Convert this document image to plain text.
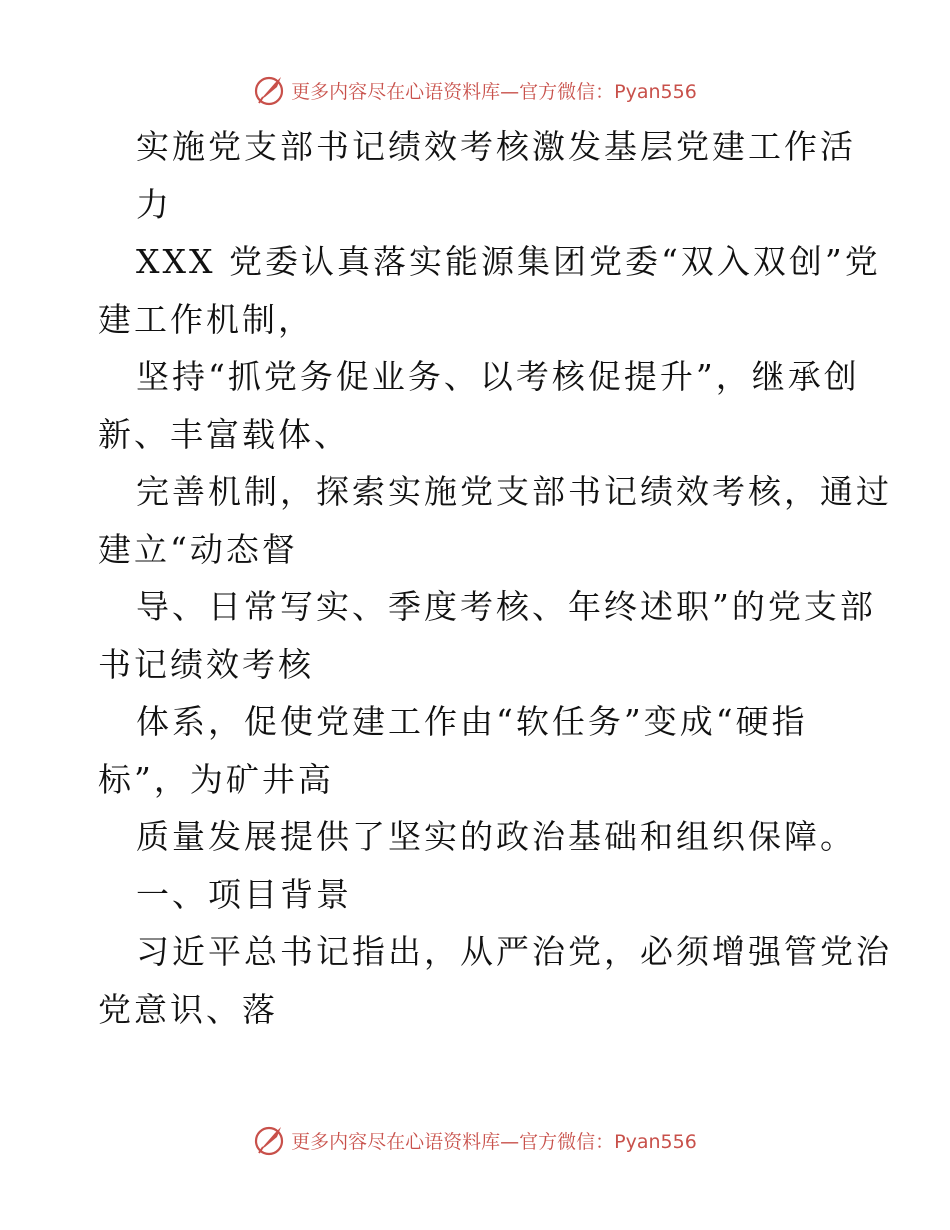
更多内容尽在心语资料库—官方微信：Pyan556
实施党支部书记绩效考核激发基层党建工作活
力
XXX 党委认真落实能源集团党委“双入双创”党
建工作机制，
坚持“抓党务促业务、以考核促提升”，继承创
新、丰富载体、
完善机制，探索实施党支部书记绩效考核，通过
建立“动态督
导、日常写实、季度考核、年终述职”的党支部
书记绩效考核
体系，促使党建工作由“软任务”变成“硬指
标”，为矿井高
质量发展提供了坚实的政治基础和组织保障。
一、项目背景
习近平总书记指出，从严治党，必须增强管党治
党意识、落
更多内容尽在心语资料库—官方微信：Pyan556
